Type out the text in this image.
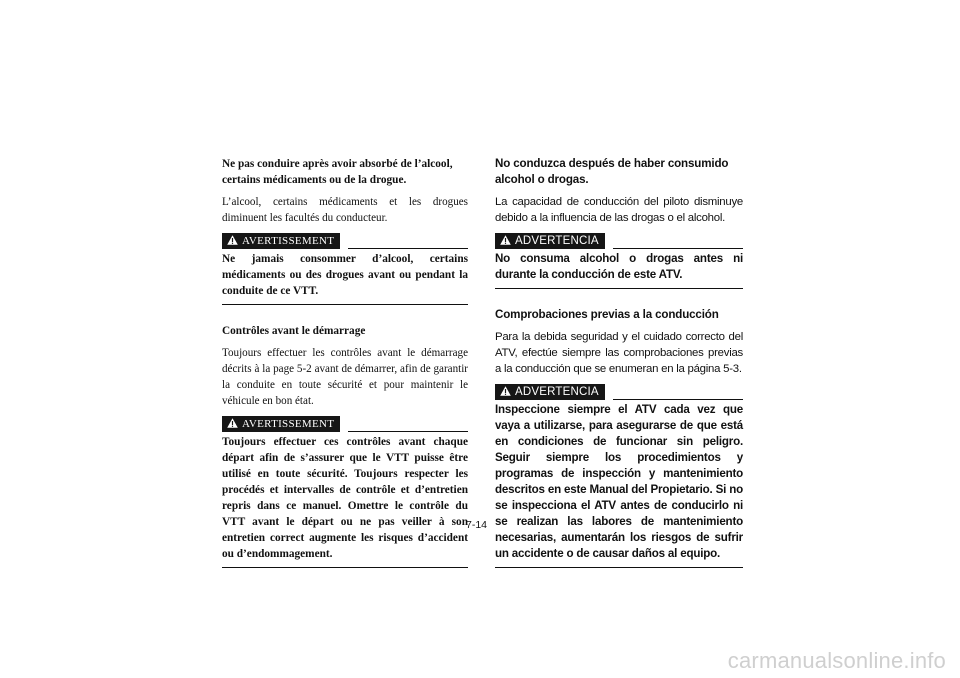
Ne pas conduire après avoir absorbé de l’alcool, certains médicaments ou de la drogue.

L’alcool, certains médicaments et les drogues diminuent les facultés du conducteur.

AVERTISSEMENT

Ne jamais consommer d’alcool, certains médicaments ou des drogues avant ou pendant la conduite de ce VTT.

Contrôles avant le démarrage

Toujours effectuer les contrôles avant le démarrage décrits à la page 5-2 avant de démarrer, afin de garantir la conduite en toute sécurité et pour maintenir le véhicule en bon état.

AVERTISSEMENT

Toujours effectuer ces contrôles avant chaque départ afin de s’assurer que le VTT puisse être utilisé en toute sécurité. Toujours respecter les procédés et intervalles de contrôle et d’entretien repris dans ce manuel. Omettre le contrôle du VTT avant le départ ou ne pas veiller à son entretien correct augmente les risques d’accident ou d’endommagement.

No conduzca después de haber consumido alcohol o drogas.

La capacidad de conducción del piloto disminuye debido a la influencia de las drogas o el alcohol.

ADVERTENCIA

No consuma alcohol o drogas antes ni durante la conducción de este ATV.

Comprobaciones previas a la conducción

Para la debida seguridad y el cuidado correcto del ATV, efectúe siempre las comprobaciones previas a la conducción que se enumeran en la página 5-3.

ADVERTENCIA

Inspeccione siempre el ATV cada vez que vaya a utilizarse, para asegurarse de que está en condiciones de funcionar sin peligro. Seguir siempre los procedimientos y programas de inspección y mantenimiento descritos en este Manual del Propietario. Si no se inspecciona el ATV antes de conducirlo ni se realizan las labores de mantenimiento necesarias, aumentarán los riesgos de sufrir un accidente o de causar daños al equipo.

7-14
carmanualsonline.info
